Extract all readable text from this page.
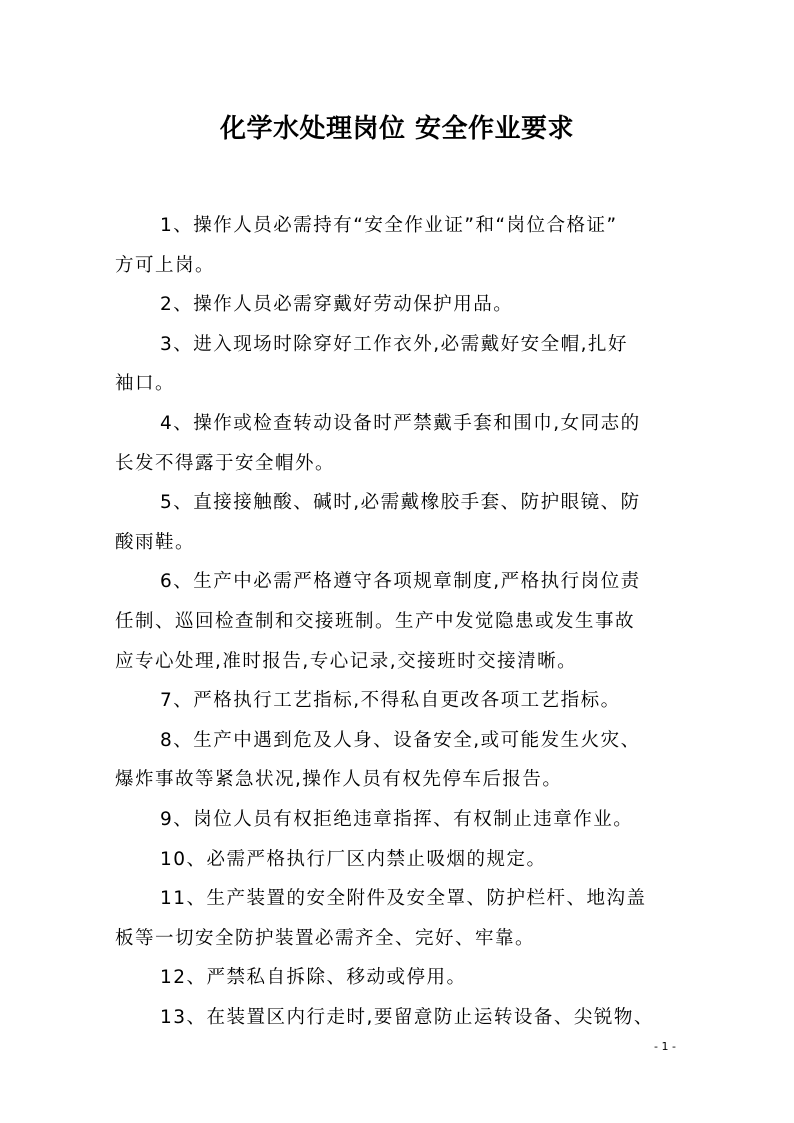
化学水处理岗位 安全作业要求
1、操作人员必需持有“安全作业证”和“岗位合格证”
方可上岗。
2、操作人员必需穿戴好劳动保护用品。
3、进入现场时除穿好工作衣外,必需戴好安全帽,扎好
袖口。
4、操作或检查转动设备时严禁戴手套和围巾,女同志的
长发不得露于安全帽外。
5、直接接触酸、碱时,必需戴橡胶手套、防护眼镜、防
酸雨鞋。
6、生产中必需严格遵守各项规章制度,严格执行岗位责
任制、巡回检查制和交接班制。生产中发觉隐患或发生事故
应专心处理,准时报告,专心记录,交接班时交接清晰。
7、严格执行工艺指标,不得私自更改各项工艺指标。
8、生产中遇到危及人身、设备安全,或可能发生火灾、
爆炸事故等紧急状况,操作人员有权先停车后报告。
9、岗位人员有权拒绝违章指挥、有权制止违章作业。
10、必需严格执行厂区内禁止吸烟的规定。
11、生产装置的安全附件及安全罩、防护栏杆、地沟盖
板等一切安全防护装置必需齐全、完好、牢靠。
12、严禁私自拆除、移动或停用。
13、在装置区内行走时,要留意防止运转设备、尖锐物、
- 1 -
